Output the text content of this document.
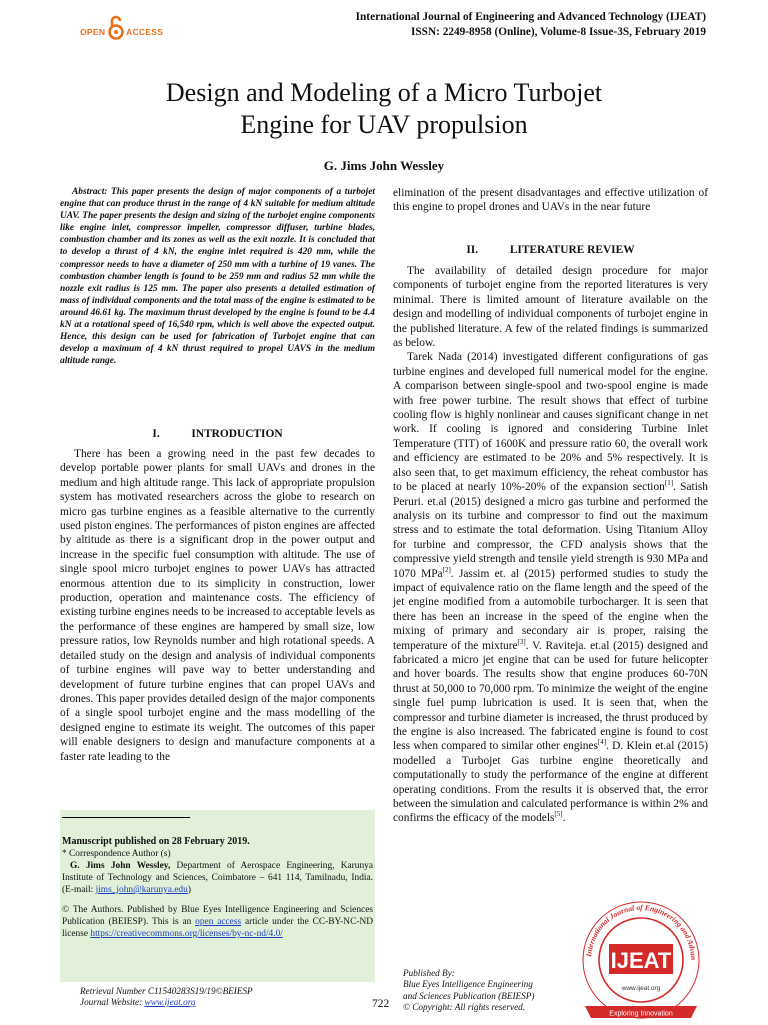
OPEN ACCESS
International Journal of Engineering and Advanced Technology (IJEAT)
ISSN: 2249-8958 (Online), Volume-8 Issue-3S, February 2019
Design and Modeling of a Micro Turbojet
Engine for UAV propulsion
G. Jims John Wessley
Abstract: This paper presents the design of major components of a turbojet engine that can produce thrust in the range of 4 kN suitable for medium altitude UAV. The paper presents the design and sizing of the turbojet engine components like engine inlet, compressor impeller, compressor diffuser, turbine blades, combustion chamber and its zones as well as the exit nozzle. It is concluded that to develop a thrust of 4 kN, the engine inlet required is 420 mm, while the compressor needs to have a diameter of 250 mm with a turbine of 19 vanes. The combustion chamber length is found to be 259 mm and radius 52 mm while the nozzle exit radius is 125 mm. The paper also presents a detailed estimation of mass of individual components and the total mass of the engine is estimated to be around 46.61 kg. The maximum thrust developed by the engine is found to be 4.4 kN at a rotational speed of 16,540 rpm, which is well above the expected output. Hence, this design can be used for fabrication of Turbojet engine that can develop a maximum of 4 kN thrust required to propel UAVS in the medium altitude range.
I.	INTRODUCTION

There has been a growing need in the past few decades to develop portable power plants for small UAVs and drones in the medium and high altitude range. This lack of appropriate propulsion system has motivated researchers across the globe to research on micro gas turbine engines as a feasible alternative to the currently used piston engines. The performances of piston engines are affected by altitude as there is a significant drop in the power output and increase in the specific fuel consumption with altitude. The use of single spool micro turbojet engines to power UAVs has attracted enormous attention due to its simplicity in construction, lower production, operation and maintenance costs. The efficiency of existing turbine engines needs to be increased to acceptable levels as the performance of these engines are hampered by small size, low pressure ratios, low Reynolds number and high rotational speeds. A detailed study on the design and analysis of individual components of turbine engines will pave way to better understanding and development of future turbine engines that can propel UAVs and drones. This paper provides detailed design of the major components of a single spool turbojet engine and the mass modelling of the designed engine to estimate its weight. The outcomes of this paper will enable designers to design and manufacture components at a faster rate leading to the

Manuscript published on 28 February 2019.
* Correspondence Author (s)
G. Jims John Wessley, Department of Aerospace Engineering, Karunya Institute of Technology and Sciences, Coimbatore – 641 114, Tamilnadu, India. (E-mail: jims_john@karunya.edu)
© The Authors. Published by Blue Eyes Intelligence Engineering and Sciences Publication (BEIESP). This is an open access article under the CC-BY-NC-ND license https://creativecommons.org/licenses/by-nc-nd/4.0/

elimination of the present disadvantages and effective utilization of this engine to propel drones and UAVs in the near future

II.	LITERATURE REVIEW

The availability of detailed design procedure for major components of turbojet engine from the reported literatures is very minimal. There is limited amount of literature available on the design and modelling of individual components of turbojet engine in the published literature. A few of the related findings is summarized as below.

Tarek Nada (2014) investigated different configurations of gas turbine engines and developed full numerical model for the engine. A comparison between single-spool and two-spool engine is made with free power turbine. The result shows that effect of turbine cooling flow is highly nonlinear and causes significant change in net work. If cooling is ignored and considering Turbine Inlet Temperature (TIT) of 1600K and pressure ratio 60, the overall work and efficiency are estimated to be 20% and 5% respectively. It is also seen that, to get maximum efficiency, the reheat combustor has to be placed at nearly 10%-20% of the expansion section[1]. Satish Peruri. et.al (2015) designed a micro gas turbine and performed the analysis on its turbine and compressor to find out the maximum stress and to estimate the total deformation. Using Titanium Alloy for turbine and compressor, the CFD analysis shows that the compressive yield strength and tensile yield strength is 930 MPa and 1070 MPa[2]. Jassim et. al (2015) performed studies to study the impact of equivalence ratio on the flame length and the speed of the jet engine modified from a automobile turbocharger. It is seen that there has been an increase in the speed of the engine when the mixing of primary and secondary air is proper, raising the temperature of the mixture[3]. V. Raviteja. et.al (2015) designed and fabricated a micro jet engine that can be used for future helicopter and hover boards. The results show that engine produces 60-70N thrust at 50,000 to 70,000 rpm. To minimize the weight of the engine single fuel pump lubrication is used. It is seen that, when the compressor and turbine diameter is increased, the thrust produced by the engine is also increased. The fabricated engine is found to cost less when compared to similar other engines[4]. D. Klein et.al (2015) modelled a Turbojet Gas turbine engine theoretically and computationally to study the performance of the engine at different operating conditions. From the results it is observed that, the error between the simulation and calculated performance is within 2% and confirms the efficacy of the models[5].

International Journal of Engineering and Advan
IJEAT
www.ijeat.org
Exploring Innovation
Retrieval Number C11540283S19/19©BEIESP
Journal Website: www.ijeat.org	722
Published By:
Blue Eyes Intelligence Engineering
and Sciences Publication (BEIESP)
© Copyright: All rights reserved.
